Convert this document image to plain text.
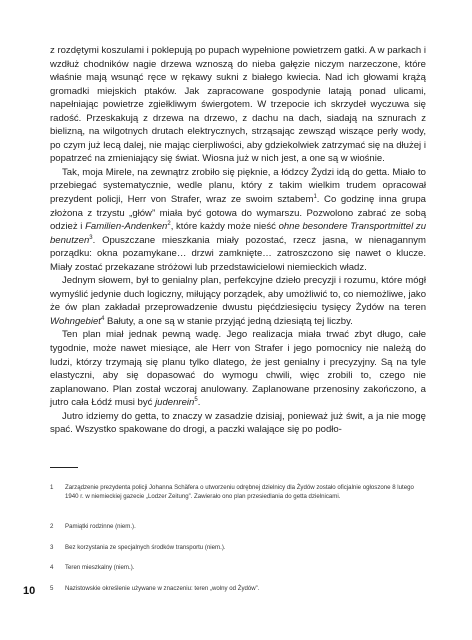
z rozdętymi koszulami i poklepują po pupach wypełnione powietrzem gatki. A w parkach i wzdłuż chodników nagie drzewa wznoszą do nieba gałęzie niczym narzeczone, które właśnie mają wsunąć ręce w rękawy sukni z białego kwiecia. Nad ich głowami krążą gromadki miejskich ptaków. Jak zapracowane gospodynie latają ponad ulicami, napełniając powietrze zgiełkliwym świergotem. W trzepocie ich skrzydeł wyczuwa się radość. Przeskakują z drzewa na drzewo, z dachu na dach, siadają na sznurach z bielizną, na wilgotnych drutach elektrycznych, strząsając zewsząd wiszące perły wody, po czym już lecą dalej, nie mając cierpliwości, aby gdziekolwiek zatrzymać się na dłużej i popatrzeć na zmieniający się świat. Wiosna już w nich jest, a one są w wiośnie.

Tak, moja Mirele, na zewnątrz zrobiło się pięknie, a łódzcy Żydzi idą do getta. Miało to przebiegać systematycznie, wedle planu, który z takim wielkim trudem opracował prezydent policji, Herr von Strafer, wraz ze swoim sztabem$^1$. Co godzinę inna grupa złożona z trzystu „głów” miała być gotowa do wymarszu. Pozwolono zabrać ze sobą odzież i Familien-Andenken$^2$, które każdy może nieść ohne besondere Transportmittel zu benutzen$^3$. Opuszczane mieszkania miały pozostać, rzecz jasna, w nienagannym porządku: okna pozamykane… drzwi zamknięte… zatroszczono się nawet o klucze. Miały zostać przekazane stróżowi lub przedstawicielowi niemieckich władz.

Jednym słowem, był to genialny plan, perfekcyjne dzieło precyzji i rozumu, które mógł wymyślić jedynie duch logiczny, miłujący porządek, aby umożliwić to, co niemożliwe, jako że ów plan zakładał przeprowadzenie dwustu pięćdziesięciu tysięcy Żydów na teren Wohngebiet$^4$ Bałuty, a one są w stanie przyjąć jedną dziesiątą tej liczby.

Ten plan miał jednak pewną wadę. Jego realizacja miała trwać zbyt długo, całe tygodnie, może nawet miesiące, ale Herr von Strafer i jego pomocnicy nie należą do ludzi, którzy trzymają się planu tylko dlatego, że jest genialny i precyzyjny. Są na tyle elastyczni, aby się dopasować do wymogu chwili, więc zrobili to, czego nie zaplanowano. Plan został wczoraj anulowany. Zaplanowane przenosiny zakończono, a jutro cała Łódź musi być judenrein$^5$.

Jutro idziemy do getta, to znaczy w zasadzie dzisiaj, ponieważ już świt, a ja nie mogę spać. Wszystko spakowane do drogi, a paczki walające się po podło-

1	Zarządzenie prezydenta policji Johanna Schäfera o utworzeniu odrębnej dzielnicy dla Żydów zostało oficjalnie ogłoszone 8 lutego 1940 r. w niemieckiej gazecie „Lodzer Zeitung”. Zawierało ono plan przesiedlania do getta dzielnicami.
2	Pamiątki rodzinne (niem.).
3	Bez korzystania ze specjalnych środków transportu (niem.).
4	Teren mieszkalny (niem.).
5	Nazistowskie określenie używane w znaczeniu: teren „wolny od Żydów”.
10
